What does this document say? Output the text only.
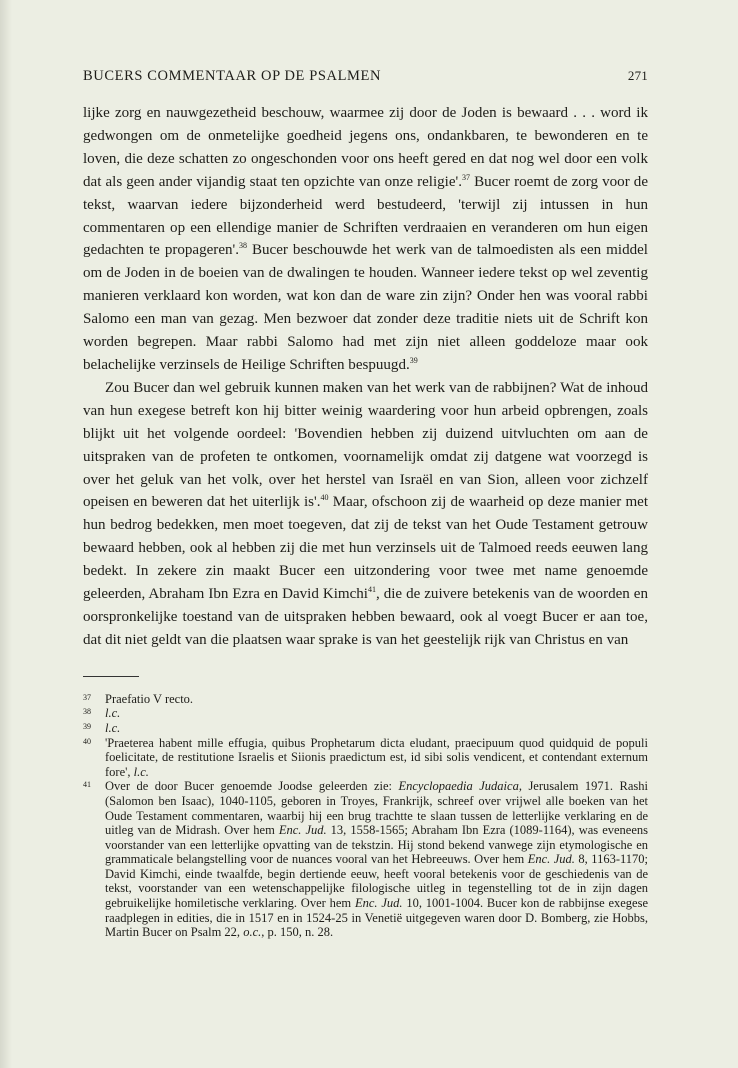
BUCERS COMMENTAAR OP DE PSALMEN	271

lijke zorg en nauwgezetheid beschouw, waarmee zij door de Joden is bewaard . . . word ik gedwongen om de onmetelijke goedheid jegens ons, ondankbaren, te bewonderen en te loven, die deze schatten zo ongeschonden voor ons heeft gered en dat nog wel door een volk dat als geen ander vijandig staat ten opzichte van onze religie'.$^{37}$ Bucer roemt de zorg voor de tekst, waarvan iedere bijzonderheid werd bestudeerd, 'terwijl zij intussen in hun commentaren op een ellendige manier de Schriften verdraaien en veranderen om hun eigen gedachten te propageren'.$^{38}$ Bucer beschouwde het werk van de talmoedisten als een middel om de Joden in de boeien van de dwalingen te houden. Wanneer iedere tekst op wel zeventig manieren verklaard kon worden, wat kon dan de ware zin zijn? Onder hen was vooral rabbi Salomo een man van gezag. Men bezwoer dat zonder deze traditie niets uit de Schrift kon worden begrepen. Maar rabbi Salomo had met zijn niet alleen goddeloze maar ook belachelijke verzinsels de Heilige Schriften bespuugd.$^{39}$

Zou Bucer dan wel gebruik kunnen maken van het werk van de rabbijnen? Wat de inhoud van hun exegese betreft kon hij bitter weinig waardering voor hun arbeid opbrengen, zoals blijkt uit het volgende oordeel: 'Bovendien hebben zij duizend uitvluchten om aan de uitspraken van de profeten te ontkomen, voornamelijk omdat zij datgene wat voorzegd is over het geluk van het volk, over het herstel van Israël en van Sion, alleen voor zichzelf opeisen en beweren dat het uiterlijk is'.$^{40}$ Maar, ofschoon zij de waarheid op deze manier met hun bedrog bedekken, men moet toegeven, dat zij de tekst van het Oude Testament getrouw bewaard hebben, ook al hebben zij die met hun verzinsels uit de Talmoed reeds eeuwen lang bedekt. In zekere zin maakt Bucer een uitzondering voor twee met name genoemde geleerden, Abraham Ibn Ezra en David Kimchi$^{41}$, die de zuivere betekenis van de woorden en oorspronkelijke toestand van de uitspraken hebben bewaard, ook al voegt Bucer er aan toe, dat dit niet geldt van die plaatsen waar sprake is van het geestelijk rijk van Christus en van

37	Praefatio V recto.
38	l.c.
39	l.c.
40	'Praeterea habent mille effugia, quibus Prophetarum dicta eludant, praecipuum quod quidquid de populi foelicitate, de restitutione Israelis et Siionis praedictum est, id sibi solis vendicent, et contendant externum fore', l.c.
41	Over de door Bucer genoemde Joodse geleerden zie: Encyclopaedia Judaica, Jerusalem 1971. Rashi (Salomon ben Isaac), 1040-1105, geboren in Troyes, Frankrijk, schreef over vrijwel alle boeken van het Oude Testament commentaren, waarbij hij een brug trachtte te slaan tussen de letterlijke verklaring en de uitleg van de Midrash. Over hem Enc. Jud. 13, 1558-1565; Abraham Ibn Ezra (1089-1164), was eveneens voorstander van een letterlijke opvatting van de tekstzin. Hij stond bekend vanwege zijn etymologische en grammaticale belangstelling voor de nuances vooral van het Hebreeuws. Over hem Enc. Jud. 8, 1163-1170; David Kimchi, einde twaalfde, begin dertiende eeuw, heeft vooral betekenis voor de geschiedenis van de tekst, voorstander van een wetenschappelijke filologische uitleg in tegenstelling tot de in zijn dagen gebruikelijke homiletische verklaring. Over hem Enc. Jud. 10, 1001-1004. Bucer kon de rabbijnse exegese raadplegen in edities, die in 1517 en in 1524-25 in Venetië uitgegeven waren door D. Bomberg, zie Hobbs, Martin Bucer on Psalm 22, o.c., p. 150, n. 28.
